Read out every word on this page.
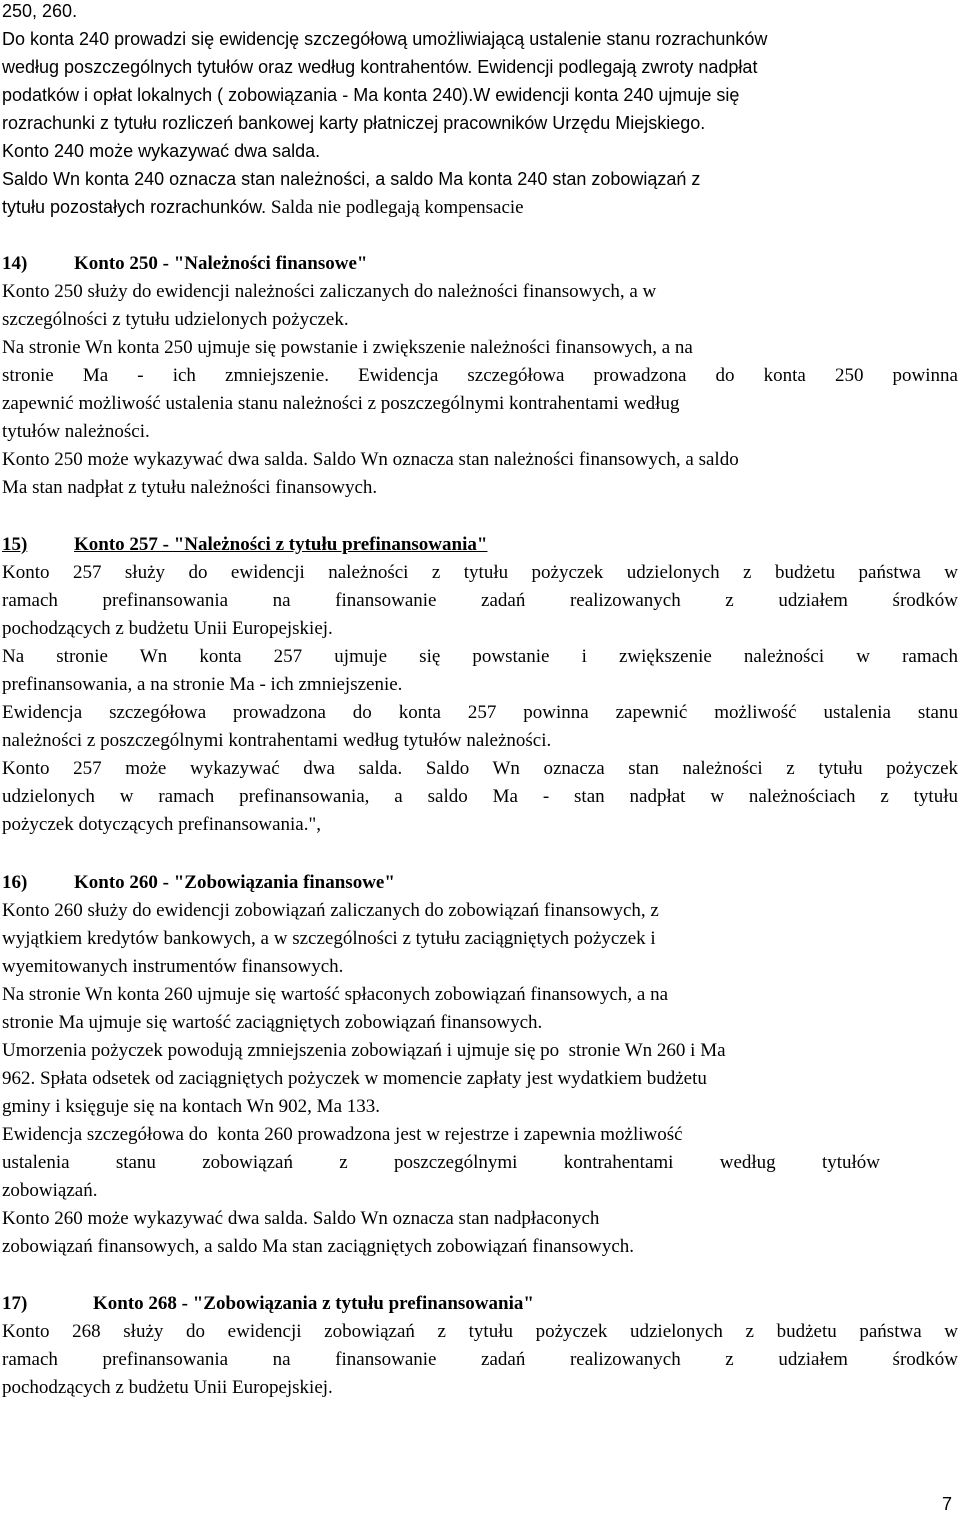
250, 260.
Do konta 240 prowadzi się ewidencję szczegółową umożliwiającą ustalenie stanu rozrachunków
według poszczególnych tytułów oraz według kontrahentów. Ewidencji podlegają zwroty nadpłat
podatków i opłat lokalnych ( zobowiązania - Ma konta 240).W ewidencji konta 240 ujmuje się
rozrachunki z tytułu rozliczeń bankowej karty płatniczej pracowników Urzędu Miejskiego.
Konto 240 może wykazywać dwa salda.
Saldo Wn konta 240 oznacza stan należności, a saldo Ma konta 240 stan zobowiązań z
tytułu pozostałych rozrachunków. Salda nie podlegają kompensacie
14) Konto 250 - "Należności finansowe"
Konto 250 służy do ewidencji należności zaliczanych do należności finansowych, a w
szczególności z tytułu udzielonych pożyczek.
Na stronie Wn konta 250 ujmuje się powstanie i zwiększenie należności finansowych, a na
stronie Ma - ich zmniejszenie. Ewidencja szczegółowa prowadzona do konta 250 powinna
zapewnić możliwość ustalenia stanu należności z poszczególnymi kontrahentami według
tytułów należności.
Konto 250 może wykazywać dwa salda. Saldo Wn oznacza stan należności finansowych, a saldo
Ma stan nadpłat z tytułu należności finansowych.
15) Konto 257 - "Należności z tytułu prefinansowania"
Konto 257 służy do ewidencji należności z tytułu pożyczek udzielonych z budżetu państwa w
ramach prefinansowania na finansowanie zadań realizowanych z udziałem środków
pochodzących z budżetu Unii Europejskiej.
Na stronie Wn konta 257 ujmuje się powstanie i zwiększenie należności w ramach
prefinansowania, a na stronie Ma - ich zmniejszenie.
Ewidencja szczegółowa prowadzona do konta 257 powinna zapewnić możliwość ustalenia stanu
należności z poszczególnymi kontrahentami według tytułów należności.
Konto 257 może wykazywać dwa salda. Saldo Wn oznacza stan należności z tytułu pożyczek
udzielonych w ramach prefinansowania, a saldo Ma - stan nadpłat w należnościach z tytułu
pożyczek dotyczących prefinansowania.",
16) Konto 260 - "Zobowiązania finansowe"
Konto 260 służy do ewidencji zobowiązań zaliczanych do zobowiązań finansowych, z
wyjątkiem kredytów bankowych, a w szczególności z tytułu zaciągniętych pożyczek i
wyemitowanych instrumentów finansowych.
Na stronie Wn konta 260 ujmuje się wartość spłaconych zobowiązań finansowych, a na
stronie Ma ujmuje się wartość zaciągniętych zobowiązań finansowych.
Umorzenia pożyczek powodują zmniejszenia zobowiązań i ujmuje się po  stronie Wn 260 i Ma
962. Spłata odsetek od zaciągniętych pożyczek w momencie zapłaty jest wydatkiem budżetu
gminy i księguje się na kontach Wn 902, Ma 133.
Ewidencja szczegółowa do  konta 260 prowadzona jest w rejestrze i zapewnia możliwość
ustalenia stanu zobowiązań z poszczególnymi kontrahentami według tytułów
zobowiązań.
Konto 260 może wykazywać dwa salda. Saldo Wn oznacza stan nadpłaconych
zobowiązań finansowych, a saldo Ma stan zaciągniętych zobowiązań finansowych.
17)	Konto 268 - "Zobowiązania z tytułu prefinansowania"
Konto 268 służy do ewidencji zobowiązań z tytułu pożyczek udzielonych z budżetu państwa w
ramach prefinansowania na finansowanie zadań realizowanych z udziałem środków
pochodzących z budżetu Unii Europejskiej.
7
